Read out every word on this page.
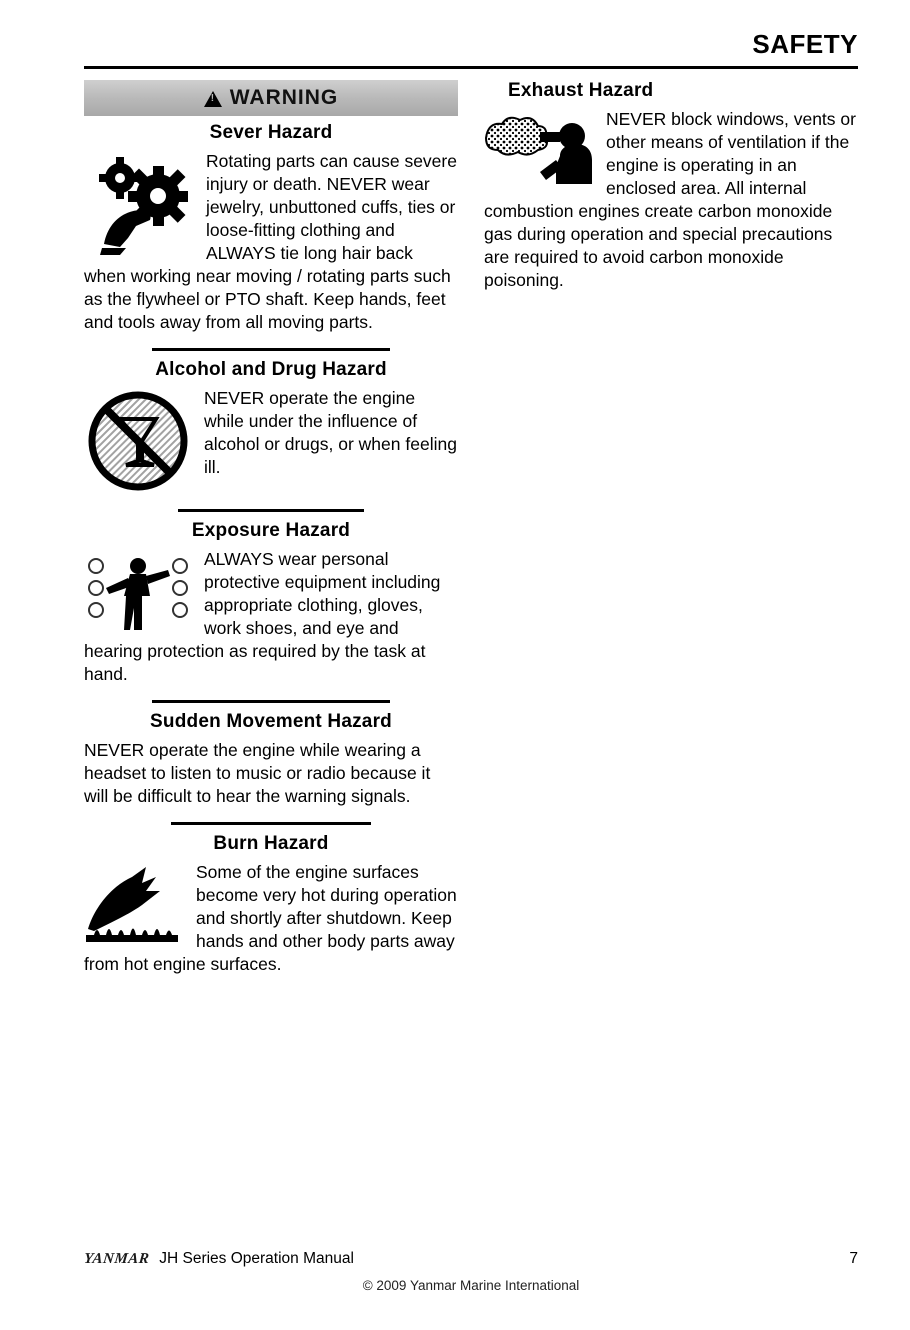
SAFETY
!
WARNING
Sever Hazard
Rotating parts can cause severe injury or death. NEVER wear jewelry, unbuttoned cuffs, ties or loose-fitting clothing and ALWAYS tie long hair back when working near moving / rotating parts such as the flywheel or PTO shaft. Keep hands, feet and tools away from all moving parts.
Alcohol and Drug Hazard
NEVER operate the engine while under the influence of alcohol or drugs, or when feeling ill.
Exposure Hazard
ALWAYS wear personal protective equipment including appropriate clothing, gloves, work shoes, and eye and hearing protection as required by the task at hand.
Sudden Movement Hazard
NEVER operate the engine while wearing a headset to listen to music or radio because it will be difficult to hear the warning signals.
Burn Hazard
Some of the engine surfaces become very hot during operation and shortly after shutdown. Keep hands and other body parts away from hot engine surfaces.
Exhaust Hazard
NEVER block windows, vents or other means of ventilation if the engine is operating in an enclosed area. All internal combustion engines create carbon monoxide gas during operation and special precautions are required to avoid carbon monoxide poisoning.
YANMAR JH Series Operation Manual	7
© 2009 Yanmar Marine International
